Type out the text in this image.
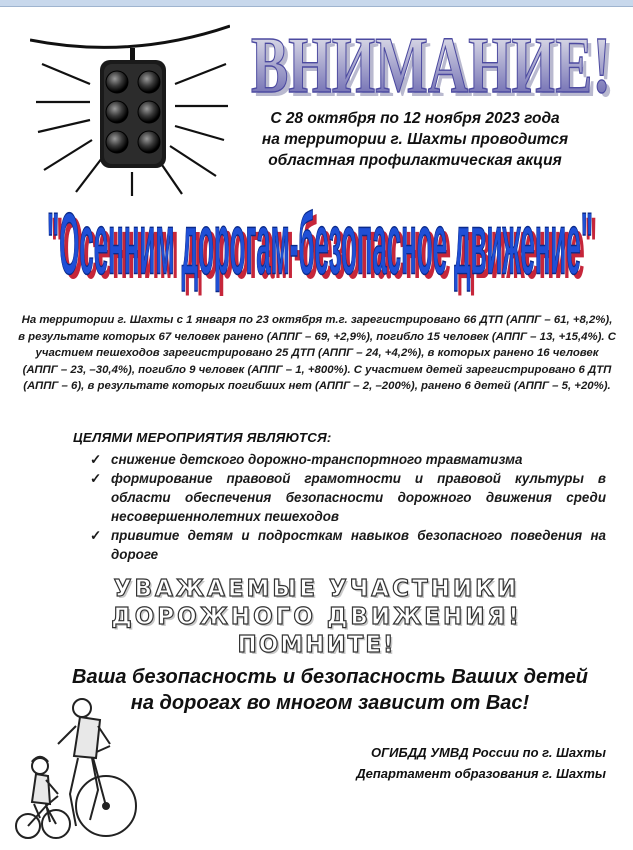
ВНИМАНИЕ!
ВНИМАНИЕ!
С 28 октября по 12 ноября 2023 года
на территории г. Шахты проводится
областная профилактическая акция
"Осенним дорогам-безопасное движение"
"Осенним дорогам-безопасное движение"
На территории г. Шахты с 1 января по 23 октября т.г. зарегистрировано 66 ДТП (АППГ – 61, +8,2%), в результате которых 67 человек ранено (АППГ – 69, +2,9%), погибло 15 человек (АППГ – 13, +15,4%). С участием пешеходов зарегистрировано 25 ДТП (АППГ – 24, +4,2%), в которых ранено 16 человек (АППГ – 23, –30,4%), погибло 9 человек (АППГ – 1, +800%). С участием детей зарегистрировано 6 ДТП (АППГ – 6), в результате которых погибших нет (АППГ – 2, –200%), ранено 6 детей (АППГ – 5, +20%).
ЦЕЛЯМИ МЕРОПРИЯТИЯ ЯВЛЯЮТСЯ:
✓ снижение детского дорожно-транспортного травматизма
✓ формирование правовой грамотности и правовой культуры в области обеспечения безопасности дорожного движения среди несовершеннолетних пешеходов
✓ привитие детям и подросткам навыков безопасного поведения на дороге
УВАЖАЕМЫЕ УЧАСТНИКИ
ДОРОЖНОГО ДВИЖЕНИЯ!
ПОМНИТЕ!
Ваша безопасность и безопасность Ваших детей
на дорогах во многом зависит от Вас!
ОГИБДД УМВД России по г. Шахты
Департамент образования г. Шахты
